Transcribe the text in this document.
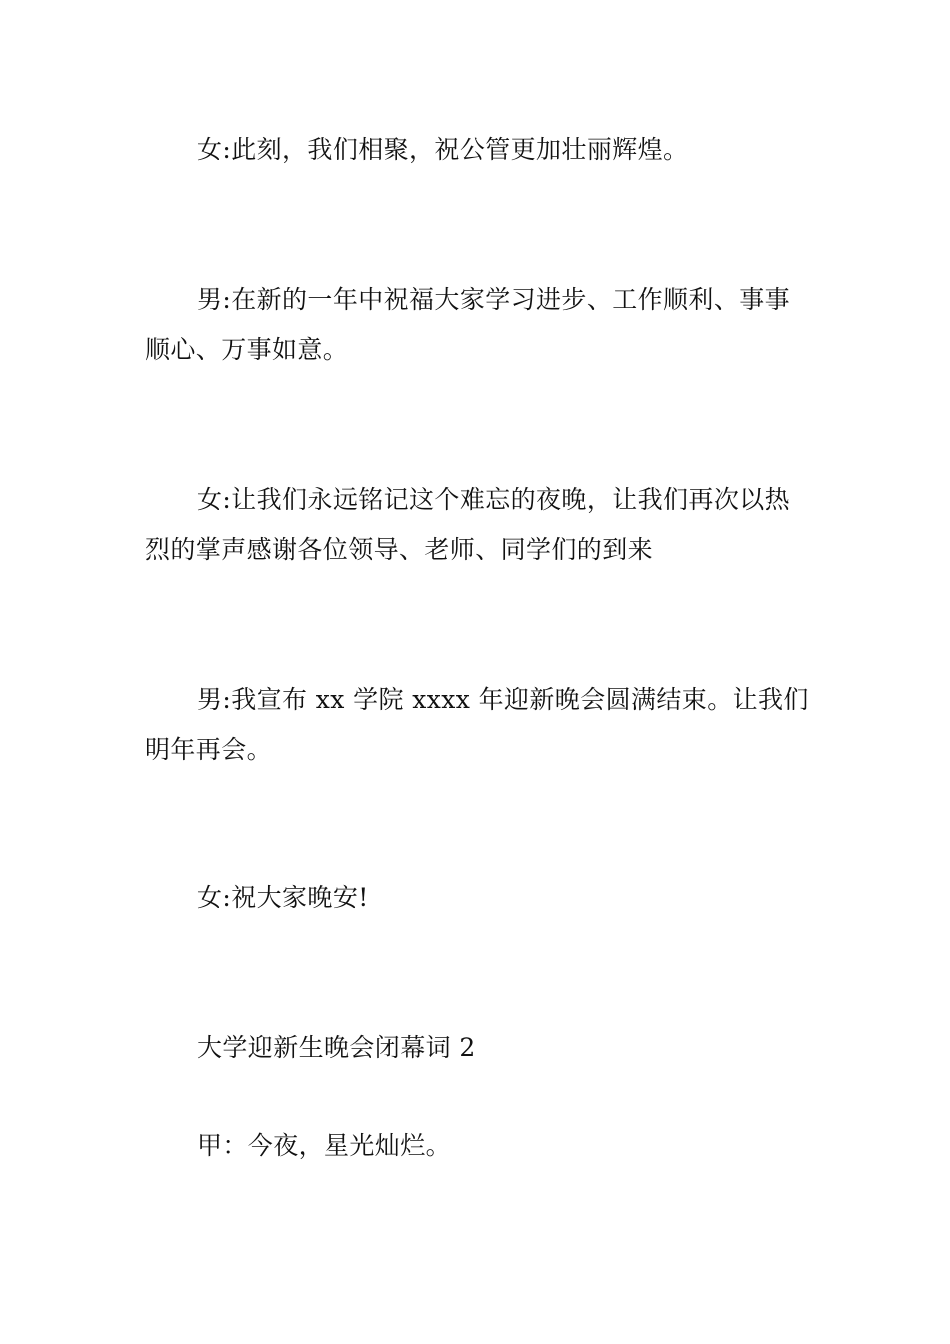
女:此刻，我们相聚，祝公管更加壮丽辉煌。

男:在新的一年中祝福大家学习进步、工作顺利、事事顺心、万事如意。

女:让我们永远铭记这个难忘的夜晚，让我们再次以热烈的掌声感谢各位领导、老师、同学们的到来

男:我宣布 xx 学院 xxxx 年迎新晚会圆满结束。让我们明年再会。

女:祝大家晚安!

大学迎新生晚会闭幕词 2

甲：今夜，星光灿烂。
